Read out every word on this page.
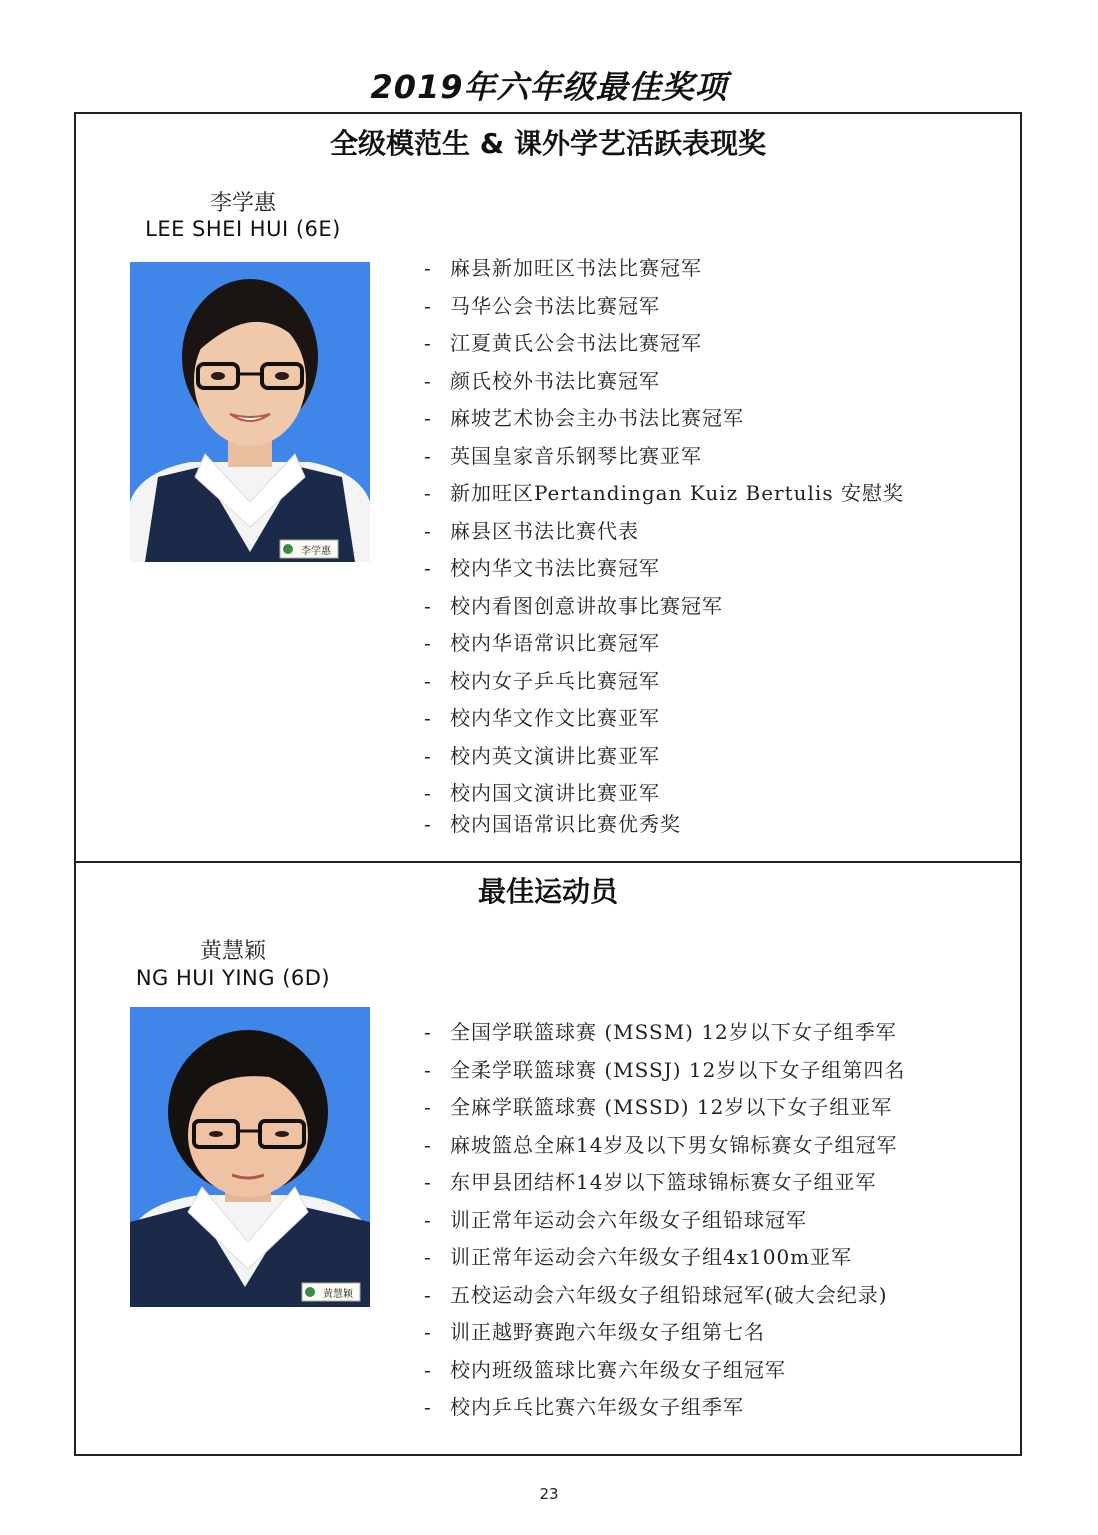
2019年六年级最佳奖项
全级模范生 & 课外学艺活跃表现奖
李学惠
LEE SHEI HUI (6E)
李学惠
- 麻县新加旺区书法比赛冠军
- 马华公会书法比赛冠军
- 江夏黄氏公会书法比赛冠军
- 颜氏校外书法比赛冠军
- 麻坡艺术协会主办书法比赛冠军
- 英国皇家音乐钢琴比赛亚军
- 新加旺区Pertandingan Kuiz Bertulis 安慰奖
- 麻县区书法比赛代表
- 校内华文书法比赛冠军
- 校内看图创意讲故事比赛冠军
- 校内华语常识比赛冠军
- 校内女子乒乓比赛冠军
- 校内华文作文比赛亚军
- 校内英文演讲比赛亚军
- 校内国文演讲比赛亚军
- 校内国语常识比赛优秀奖
最佳运动员
黄慧颖
NG HUI YING (6D)
黄慧颖
- 全国学联篮球赛 (MSSM) 12岁以下女子组季军
- 全柔学联篮球赛 (MSSJ) 12岁以下女子组第四名
- 全麻学联篮球赛 (MSSD) 12岁以下女子组亚军
- 麻坡篮总全麻14岁及以下男女锦标赛女子组冠军
- 东甲县团结杯14岁以下篮球锦标赛女子组亚军
- 训正常年运动会六年级女子组铅球冠军
- 训正常年运动会六年级女子组4x100m亚军
- 五校运动会六年级女子组铅球冠军(破大会纪录)
- 训正越野赛跑六年级女子组第七名
- 校内班级篮球比赛六年级女子组冠军
- 校内乒乓比赛六年级女子组季军
23
